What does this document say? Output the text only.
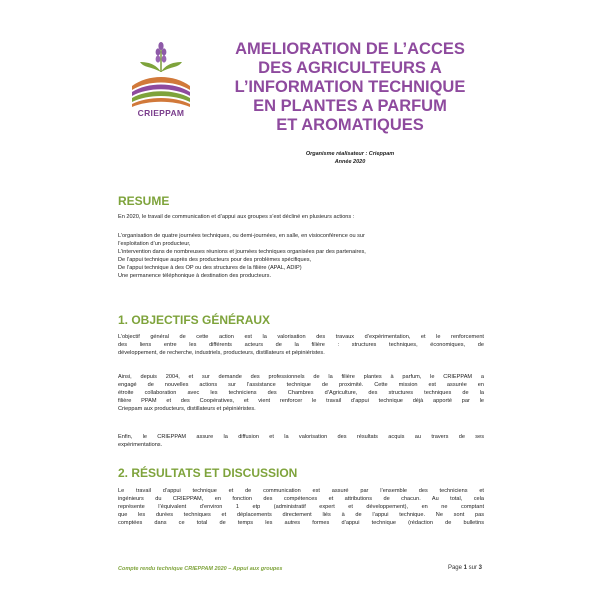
CRIEPPAM
AMELIORATION DE L’ACCES
DES AGRICULTEURS A
L’INFORMATION TECHNIQUE
EN PLANTES A PARFUM
ET AROMATIQUES
Organisme réalisateur : Crieppam
Année 2020
RESUME
En 2020, le travail de communication et d’appui aux groupes s’est décliné en plusieurs actions :
L’organisation de quatre journées techniques, ou demi-journées, en salle, en visioconférence ou sur
l’exploitation d’un producteur,
L’intervention dans de nombreuses réunions et journées techniques organisées par des partenaires,
De l’appui technique auprès des producteurs pour des problèmes spécifiques,
De l’appui technique à des OP ou des structures de la filière (APAL, ADIP)
Une permanence téléphonique à destination des producteurs.
1. OBJECTIFS GÉNÉRAUX
L’objectif général de cette action est la valorisation des travaux d’expérimentation, et le renforcement
des liens entre les différents acteurs de la filière : structures techniques, économiques, de
développement, de recherche, industriels, producteurs, distillateurs et pépiniéristes.
Ainsi, depuis 2004, et sur demande des professionnels de la filière plantes à parfum, le CRIEPPAM a
engagé de nouvelles actions sur l’assistance technique de proximité. Cette mission est assurée en
étroite collaboration avec les techniciens des Chambres d’Agriculture, des structures techniques de la
filière PPAM et des Coopératives, et vient renforcer le travail d’appui technique déjà apporté par le
Crieppam aux producteurs, distillateurs et pépiniéristes.
Enfin, le CRIEPPAM assure la diffusion et la valorisation des résultats acquis au travers de ses
expérimentations.
2. RÉSULTATS ET DISCUSSION
Le travail d’appui technique et de communication est assuré par l’ensemble des techniciens et
ingénieurs du CRIEPPAM, en fonction des compétences et attributions de chacun. Au total, cela
représente l’équivalent d’environ 1 etp (administratif expert et développement), en ne comptant
que les durées techniques et déplacements directement liés à de l’appui technique. Ne sont pas
comptées dans ce total de temps les autres formes d’appui technique (rédaction de bulletins
Compte rendu technique CRIEPPAM 2020 – Appui aux groupes	Page 1 sur 3
